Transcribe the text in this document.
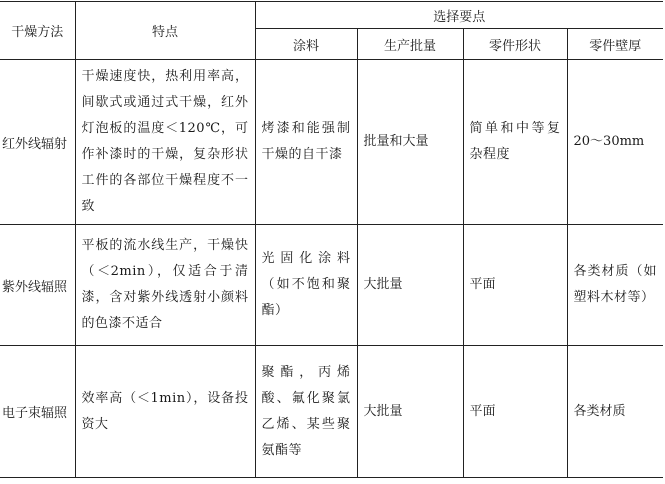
干燥方法	特点	选择要点			
		涂料	生产批量	零件形状	零件壁厚
红外线辐射	干燥速度快，热利用率高，间歇式或通过式干燥，红外灯泡板的温度＜120℃，可作补漆时的干燥，复杂形状工件的各部位干燥程度不一致	烤漆和能强制干燥的自干漆	批量和大量	简单和中等复杂程度	20～30mm
紫外线辐照	平板的流水线生产，干燥快（＜2min），仅适合于清漆，含对紫外线透射小颜料的色漆不适合	光固化涂料（如不饱和聚酯）	大批量	平面	各类材质（如塑料木材等）
电子束辐照	效率高（＜1min），设备投资大	聚酯，丙烯酸、氟化聚氯乙烯、某些聚氨酯等	大批量	平面	各类材质
